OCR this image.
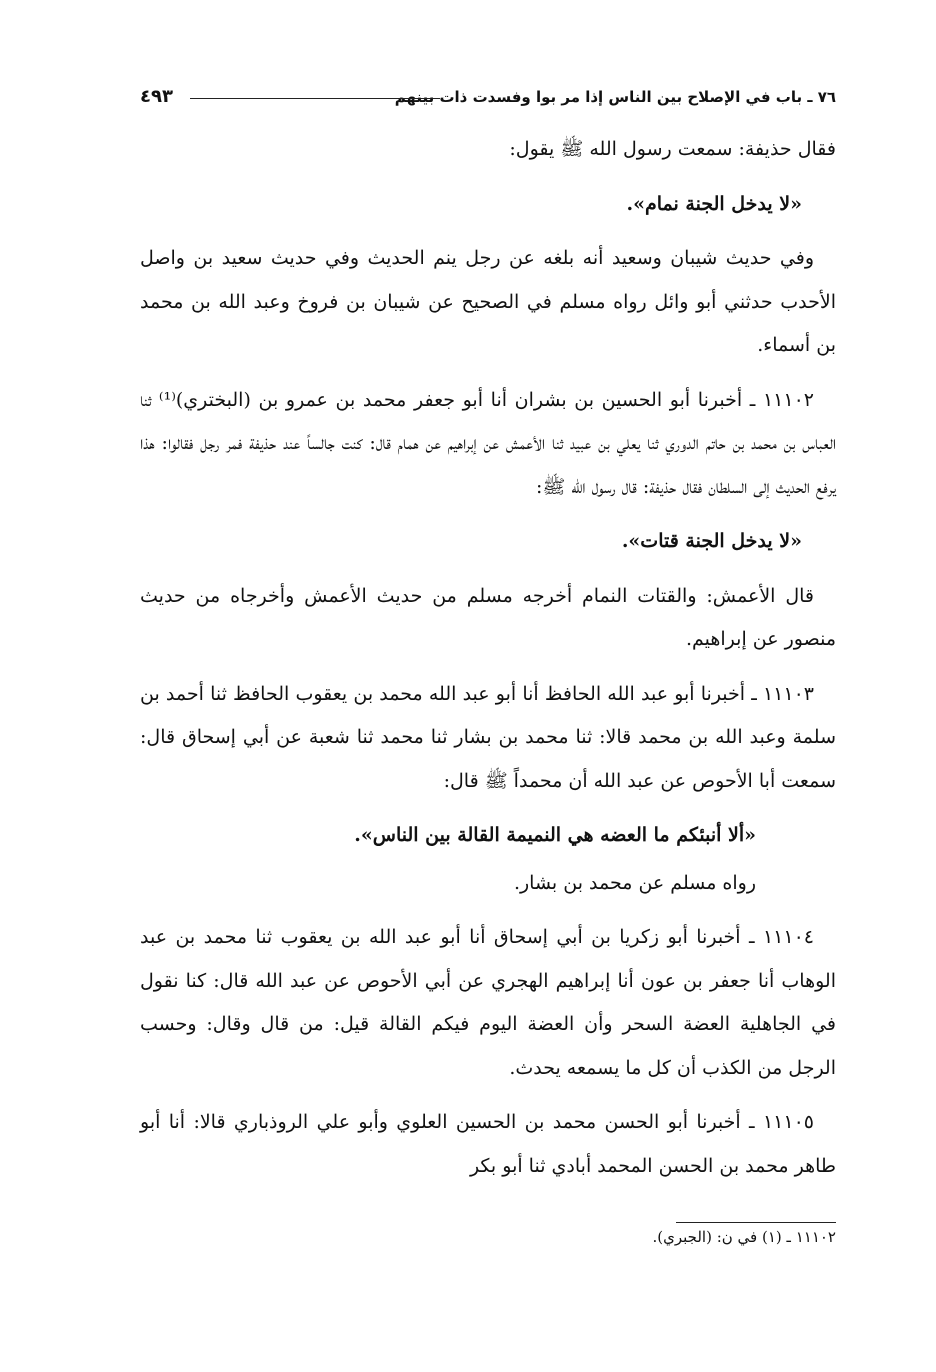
٧٦ ـ باب في الإصلاح بين الناس إذا مر بوا وفسدت ذات بينهم
٤٩٣

فقال حذيفة: سمعت رسول الله ﷺ يقول:

«لا يدخل الجنة نمام».

وفي حديث شيبان وسعيد أنه بلغه عن رجل ينم الحديث وفي حديث سعيد بن واصل الأحدب حدثني أبو وائل رواه مسلم في الصحيح عن شيبان بن فروخ وعبد الله بن محمد بن أسماء.

١١١٠٢ ـ أخبرنا أبو الحسين بن بشران أنا أبو جعفر محمد بن عمرو بن (البختري)⁽¹⁾ ثنا العباس بن محمد بن حاتم الدوري ثنا يعلي بن عبيد ثنا الأعمش عن إبراهيم عن همام قال: كنت جالساً عند حذيفة فمر رجل فقالوا: هذا يرفع الحديث إلى السلطان فقال حذيفة: قال رسول الله ﷺ:

«لا يدخل الجنة قتات».

قال الأعمش: والقتات النمام أخرجه مسلم من حديث الأعمش وأخرجاه من حديث منصور عن إبراهيم.

١١١٠٣ ـ أخبرنا أبو عبد الله الحافظ أنا أبو عبد الله محمد بن يعقوب الحافظ ثنا أحمد بن سلمة وعبد الله بن محمد قالا: ثنا محمد بن بشار ثنا محمد ثنا شعبة عن أبي إسحاق قال: سمعت أبا الأحوص عن عبد الله أن محمداً ﷺ قال:

«ألا أنبئكم ما العضه هي النميمة القالة بين الناس».

رواه مسلم عن محمد بن بشار.

١١١٠٤ ـ أخبرنا أبو زكريا بن أبي إسحاق أنا أبو عبد الله بن يعقوب ثنا محمد بن عبد الوهاب أنا جعفر بن عون أنا إبراهيم الهجري عن أبي الأحوص عن عبد الله قال: كنا نقول في الجاهلية العضة السحر وأن العضة اليوم فيكم القالة قيل: من قال وقال: وحسب الرجل من الكذب أن كل ما يسمعه يحدث.

١١١٠٥ ـ أخبرنا أبو الحسن محمد بن الحسين العلوي وأبو علي الروذباري قالا: أنا أبو طاهر محمد بن الحسن المحمد أبادي ثنا أبو بكر

١١١٠٢ ـ (١) في ن: (الجبري).
